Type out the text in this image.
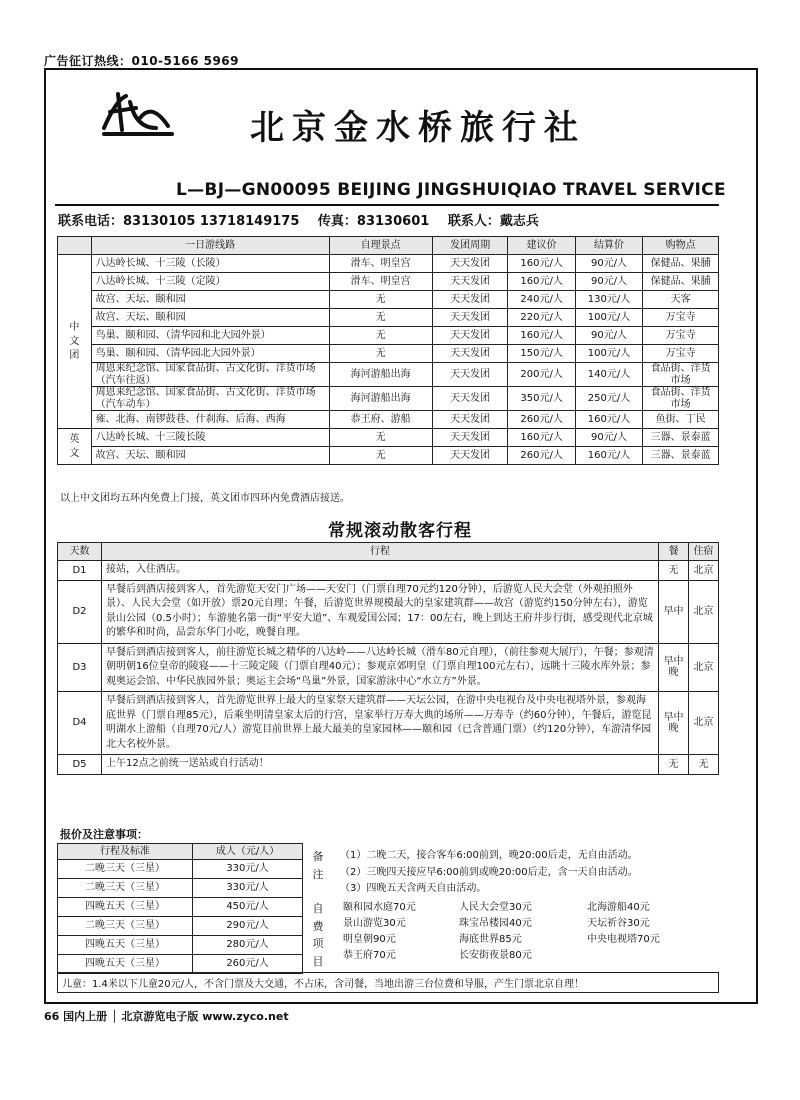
广告征订热线：010-5166 5969
北京金水桥旅行社
L—BJ—GN00095 BEIJING JINGSHUIQIAO TRAVEL SERVICE
联系电话：83130105 13718149175 传真：83130601 联系人：戴志兵
	一日游线路	自理景点	发团周期	建议价	结算价	购物点

中文团	八达岭长城、十三陵（长陵）	滑车、明皇宫	天天发团	160元/人	90元/人	保健品、果脯
	八达岭长城、十三陵（定陵）	滑车、明皇宫	天天发团	160元/人	90元/人	保健品、果脯
	故宫、天坛、颐和园	无	天天发团	240元/人	130元/人	天客
	故宫、天坛、颐和园	无	天天发团	220元/人	100元/人	万宝寺
	鸟巢、颐和园、（清华园和北大园外景）	无	天天发团	160元/人	90元/人	万宝寺
	鸟巢、颐和园、（清华园北大园外景）	无	天天发团	150元/人	100元/人	万宝寺
	周恩来纪念馆、国家食品街、古文化街、洋货市场（汽车往返）	海河游船出海	天天发团	200元/人	140元/人	食品街、洋货市场
	周恩来纪念馆、国家食品街、古文化街、洋货市场（汽车动车）	海河游船出海	天天发团	350元/人	250元/人	食品街、洋货市场
	雍、北海、南锣鼓巷、什刹海、后海、西海	恭王府、游船	天天发团	260元/人	160元/人	鱼街、丁民

英文	八达岭长城、十三陵长陵	无	天天发团	160元/人	90元/人	三器、景泰蓝
	故宫、天坛、颐和园	无	天天发团	260元/人	160元/人	三器、景泰蓝
以上中文团均五环内免费上门接，英文团市四环内免费酒店接送。
常规滚动散客行程
天数	行程	餐	住宿
D1	接站，入住酒店。	无	北京
D2	早餐后到酒店接到客人，首先游览天安门广场——天安门（门票自理70元约120分钟），后游览人民大会堂（外观拍照外景）、人民大会堂（如开放）票20元自理；午餐，后游览世界规模最大的皇家建筑群——故宫（游览约150分钟左右），游览景山公园（0.5小时）；车游驰名第一街“平安大道”、车观爱国公园；17：00左右，晚上到达王府井步行街，感受现代北京城的繁华和时尚，品尝东华门小吃，晚餐自理。	早中	北京
D3	早餐后到酒店接到客人，前往游览长城之精华的八达岭——八达岭长城（滑车80元自理），（前往参观大展厅），午餐；参观清朝明朝16位皇帝的陵寝——十三陵定陵（门票自理40元）；参观京郊明皇（门票自理100元左右），远眺十三陵水库外景；参观奥运会馆、中华民族园外景；奥运主会场“鸟巢”外景，国家游泳中心“水立方”外景。	早中晚	北京
D4	早餐后到酒店接到客人，首先游览世界上最大的皇家祭天建筑群——天坛公园，在游中央电视台及中央电视塔外景，参观海底世界（门票自理85元），后乘坐明清皇家太后的行宫，皇家举行万寿大典的场所——万寿寺（约60分钟），午餐后，游览昆明湖水上游船（自理70元/人）游览目前世界上最大最美的皇家园林——颐和园（已含普通门票）（约120分钟），车游清华园北大名校外景。	早中晚	北京
D5	上午12点之前统一送站或自行活动！	无	无
报价及注意事项：
行程及标准	成人（元/人）
二晚三天（三星）	330元/人
二晚三天（三星）	330元/人
四晚五天（三星）	450元/人
二晚三天（三星）	290元/人
四晚五天（三星）	280元/人
四晚五天（三星）	260元/人
备注
（1）二晚二天，接合客车6:00前到，晚20:00后走，无自由活动。
（2）三晚四天接应早6:00前到或晚20:00后走，含一天自由活动。
（3）四晚五天含两天自由活动。
自费项目
颐和园水庭70元	人民大会堂30元	北海游船40元
景山游览30元	珠宝吊楼园40元	天坛祈谷30元
明皇朝90元	海底世界85元	中央电视塔70元
恭王府70元	长安街夜景80元
儿童：1.4米以下儿童20元/人，不含门票及大交通，不占床，含司餐，当地出游三台位费和导服，产生门票北京自理！
66 国内上册 │ 北京游览电子版 www.zyco.net
